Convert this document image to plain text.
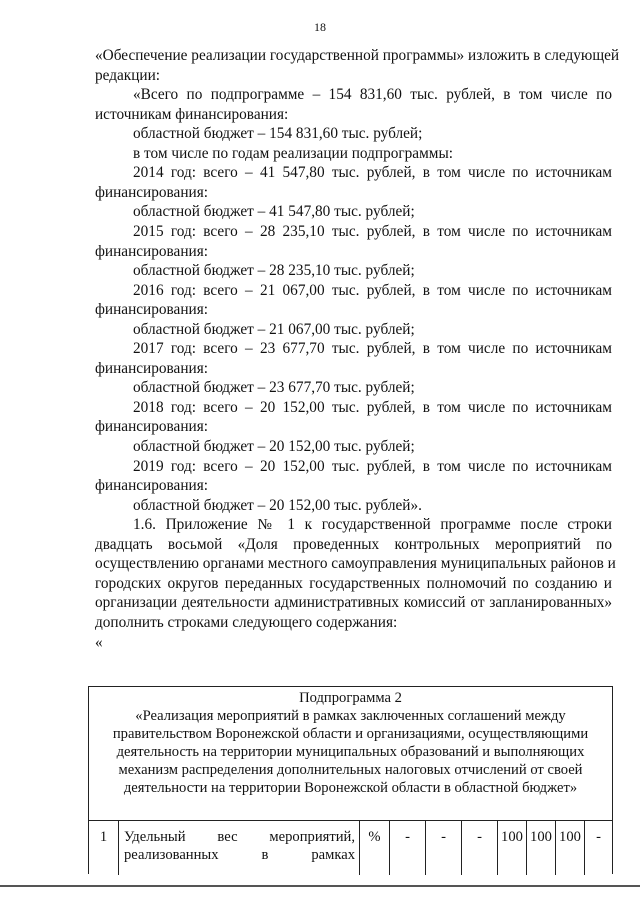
18
«Обеспечение реализации государственной программы» изложить в следующей
редакции:
«Всего по подпрограмме – 154 831,60 тыс. рублей, в том числе по
источникам финансирования:
областной бюджет – 154 831,60 тыс. рублей;
в том числе по годам реализации подпрограммы:
2014 год: всего – 41 547,80 тыс. рублей, в том числе по источникам
финансирования:
областной бюджет – 41 547,80 тыс. рублей;
2015 год: всего – 28 235,10 тыс. рублей, в том числе по источникам
финансирования:
областной бюджет – 28 235,10 тыс. рублей;
2016 год: всего – 21 067,00 тыс. рублей, в том числе по источникам
финансирования:
областной бюджет – 21 067,00 тыс. рублей;
2017 год: всего – 23 677,70 тыс. рублей, в том числе по источникам
финансирования:
областной бюджет – 23 677,70 тыс. рублей;
2018 год: всего – 20 152,00 тыс. рублей, в том числе по источникам
финансирования:
областной бюджет – 20 152,00 тыс. рублей;
2019 год: всего – 20 152,00 тыс. рублей, в том числе по источникам
финансирования:
областной бюджет – 20 152,00 тыс. рублей».
1.6. Приложение № 1 к государственной программе после строки
двадцать восьмой «Доля проведенных контрольных мероприятий по
осуществлению органами местного самоуправления муниципальных районов и
городских округов переданных государственных полномочий по созданию и
организации деятельности административных комиссий от запланированных»
дополнить строками следующего содержания:
«
Подпрограмма 2
«Реализация мероприятий в рамках заключенных соглашений между
правительством Воронежской области и организациями, осуществляющими
деятельность на территории муниципальных образований и выполняющих
механизм распределения дополнительных налоговых отчислений от своей
деятельности на территории Воронежской области в областной бюджет»
1	Удельный вес мероприятий,
реализованных в рамках
%	-	-	-	100 100 100	-
